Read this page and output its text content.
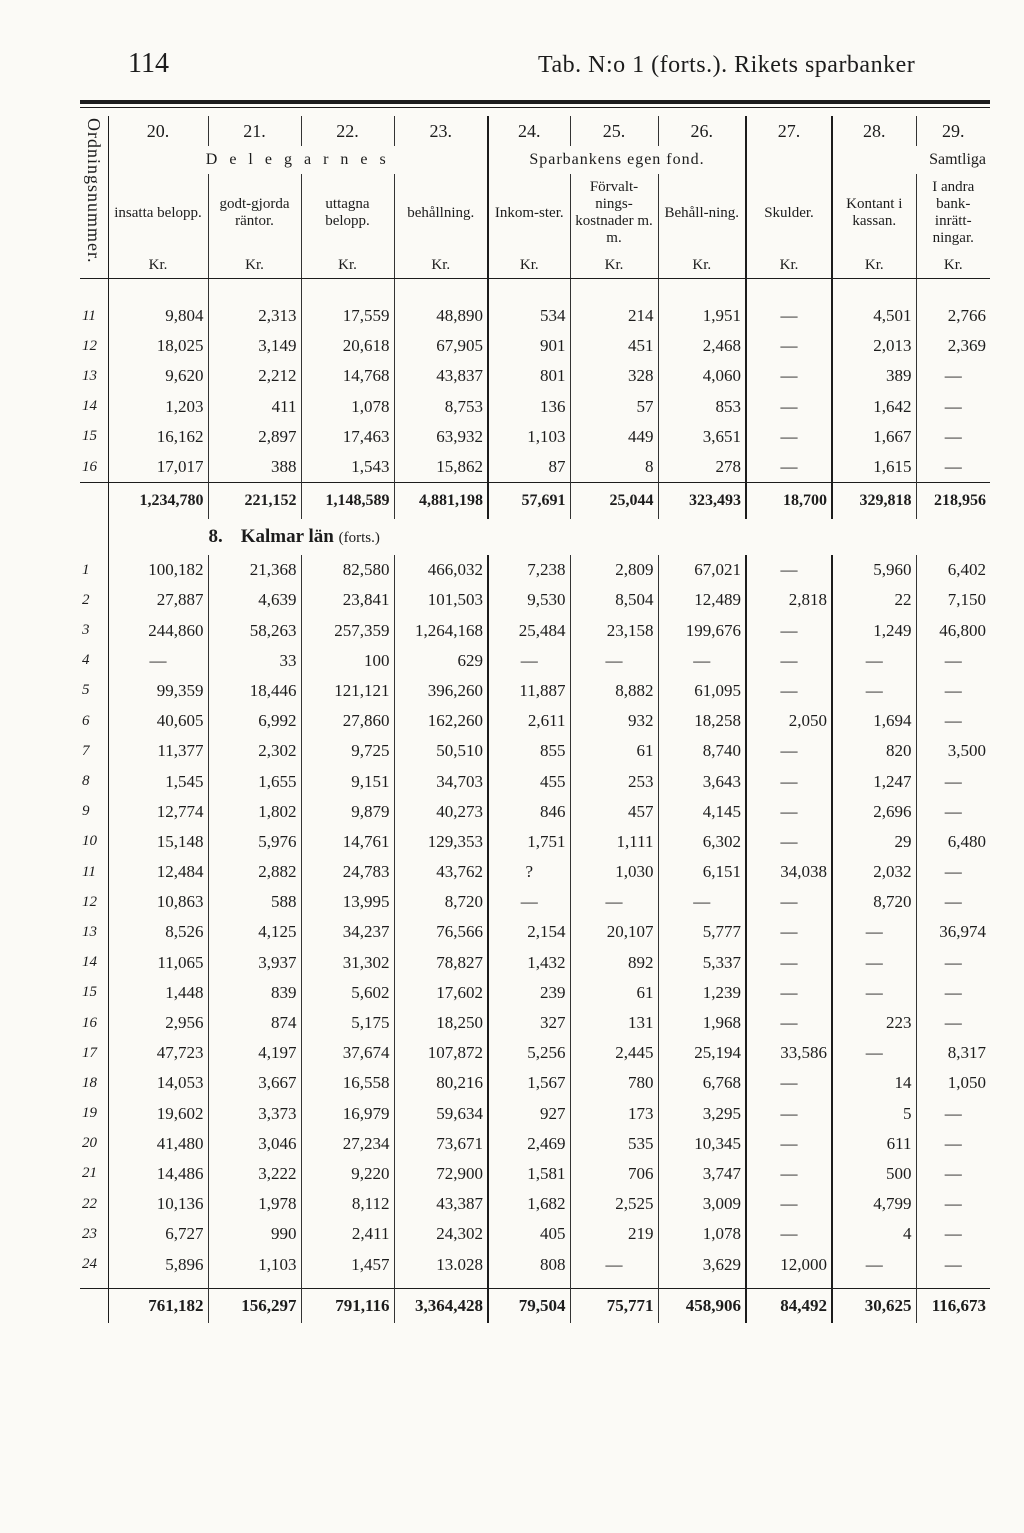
114	Tab. N:o 1 (forts.). Rikets sparbanker
Ordningsnummer.
	20.	21.	22.	23.	24.	25.	26.	27.	28.	29.
	D e l e g a r n e s				Sparbankens egen fond.				Samtliga	
	insatta belopp.	godt-gjorda räntor.	uttagna belopp.	behållning.	Inkom-ster.	Förvalt-nings-kostnader m. m.	Behåll-ning.	Skulder.	Kontant i kassan.	I andra bank-inrätt-ningar.
	Kr.	Kr.	Kr.	Kr.	Kr.	Kr.	Kr.	Kr.	Kr.	Kr.

11	9,804	2,313	17,559	48,890	534	214	1,951	—	4,501	2,766
12	18,025	3,149	20,618	67,905	901	451	2,468	—	2,013	2,369
13	9,620	2,212	14,768	43,837	801	328	4,060	—	389	—
14	1,203	411	1,078	8,753	136	57	853	—	1,642	—
15	16,162	2,897	17,463	63,932	1,103	449	3,651	—	1,667	—
16	17,017	388	1,543	15,862	87	8	278	—	1,615	—
	1,234,780	221,152	1,148,589	4,881,198	57,691	25,044	323,493	18,700	329,818	218,956
	8. Kalmar län (forts.)									
1	100,182	21,368	82,580	466,032	7,238	2,809	67,021	—	5,960	6,402
2	27,887	4,639	23,841	101,503	9,530	8,504	12,489	2,818	22	7,150
3	244,860	58,263	257,359	1,264,168	25,484	23,158	199,676	—	1,249	46,800
4	—	33	100	629	—	—	—	—	—	—
5	99,359	18,446	121,121	396,260	11,887	8,882	61,095	—	—	—
6	40,605	6,992	27,860	162,260	2,611	932	18,258	2,050	1,694	—
7	11,377	2,302	9,725	50,510	855	61	8,740	—	820	3,500
8	1,545	1,655	9,151	34,703	455	253	3,643	—	1,247	—
9	12,774	1,802	9,879	40,273	846	457	4,145	—	2,696	—
10	15,148	5,976	14,761	129,353	1,751	1,111	6,302	—	29	6,480
11	12,484	2,882	24,783	43,762	?	1,030	6,151	34,038	2,032	—
12	10,863	588	13,995	8,720	—	—	—	—	8,720	—
13	8,526	4,125	34,237	76,566	2,154	20,107	5,777	—	—	36,974
14	11,065	3,937	31,302	78,827	1,432	892	5,337	—	—	—
15	1,448	839	5,602	17,602	239	61	1,239	—	—	—
16	2,956	874	5,175	18,250	327	131	1,968	—	223	—
17	47,723	4,197	37,674	107,872	5,256	2,445	25,194	33,586	—	8,317
18	14,053	3,667	16,558	80,216	1,567	780	6,768	—	14	1,050
19	19,602	3,373	16,979	59,634	927	173	3,295	—	5	—
20	41,480	3,046	27,234	73,671	2,469	535	10,345	—	611	—
21	14,486	3,222	9,220	72,900	1,581	706	3,747	—	500	—
22	10,136	1,978	8,112	43,387	1,682	2,525	3,009	—	4,799	—
23	6,727	990	2,411	24,302	405	219	1,078	—	4	—
24	5,896	1,103	1,457	13.028	808	—	3,629	12,000	—	—

	761,182	156,297	791,116	3,364,428	79,504	75,771	458,906	84,492	30,625	116,673
